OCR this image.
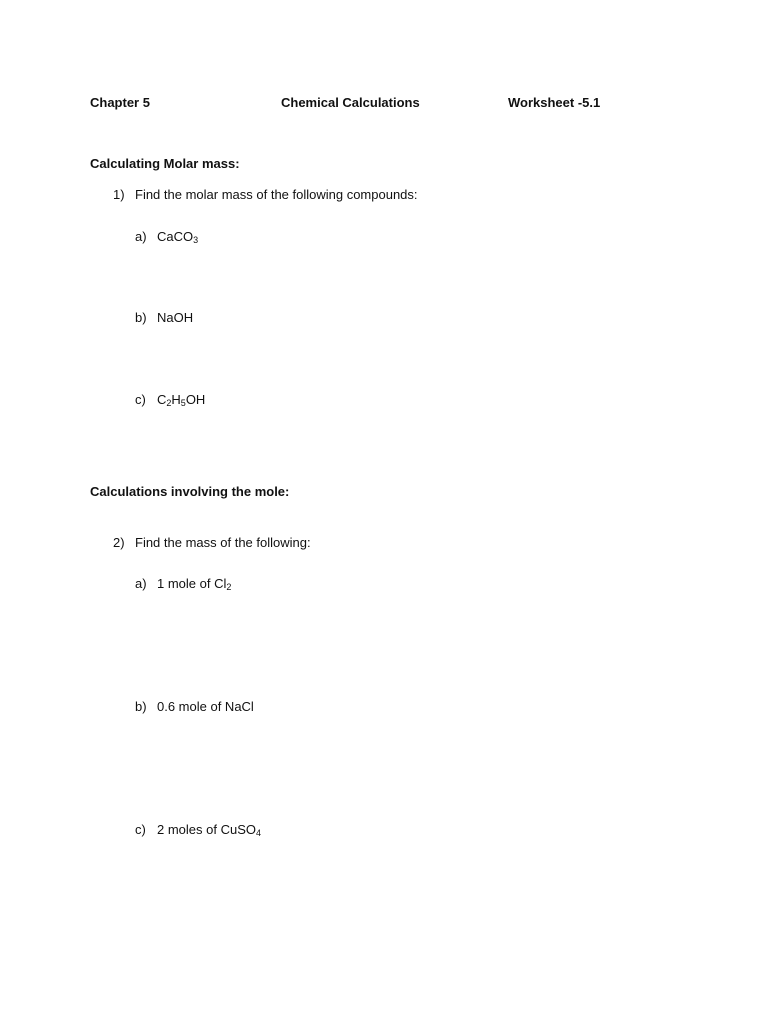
Chapter 5	Chemical Calculations	Worksheet -5.1
Calculating Molar mass:
1) Find the molar mass of the following compounds:
a) CaCO$_3$
b) NaOH
c) $C_2H_5OH$
Calculations involving the mole:
2) Find the mass of the following:
a) 1 mole of $Cl_2$
b) 0.6 mole of NaCl
c) 2 moles of CuSO$_4$
